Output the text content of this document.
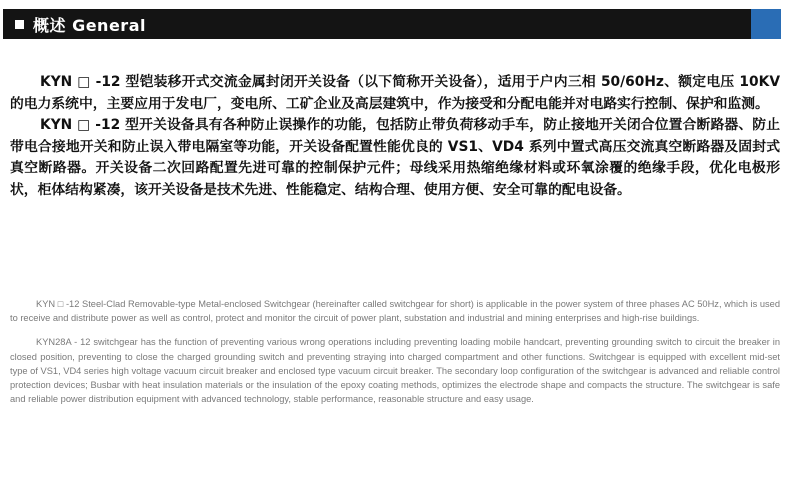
概述 General

KYN □ -12 型铠装移开式交流金属封闭开关设备（以下简称开关设备），适用于户内三相 50/60Hz、额定电压 10KV 的电力系统中，主要应用于发电厂，变电所、工矿企业及高层建筑中，作为接受和分配电能并对电路实行控制、保护和监测。

KYN □ -12 型开关设备具有各种防止误操作的功能，包括防止带负荷移动手车，防止接地开关闭合位置合断路器、防止带电合接地开关和防止误入带电隔室等功能，开关设备配置性能优良的 VS1、VD4 系列中置式高压交流真空断路器及固封式真空断路器。开关设备二次回路配置先进可靠的控制保护元件；母线采用热缩绝缘材料或环氧涂覆的绝缘手段，优化电极形状，柜体结构紧凑，该开关设备是技术先进、性能稳定、结构合理、使用方便、安全可靠的配电设备。

KYN □ -12 Steel-Clad Removable-type Metal-enclosed Switchgear (hereinafter called switchgear for short) is applicable in the power system of three phases AC 50Hz, which is used to receive and distribute power as well as control, protect and monitor the circuit of power plant, substation and industrial and mining enterprises and high-rise buildings.

KYN28A - 12 switchgear has the function of preventing various wrong operations including preventing loading mobile handcart, preventing grounding switch to circuit the breaker in closed position, preventing to close the charged grounding switch and preventing straying into charged compartment and other functions. Switchgear is equipped with excellent mid-set type of VS1, VD4 series high voltage vacuum circuit breaker and enclosed type vacuum circuit breaker. The secondary loop configuration of the switchgear is advanced and reliable control protection devices; Busbar with heat insulation materials or the insulation of the epoxy coating methods, optimizes the electrode shape and compacts the structure. The switchgear is safe and reliable power distribution equipment with advanced technology, stable performance, reasonable structure and easy usage.
